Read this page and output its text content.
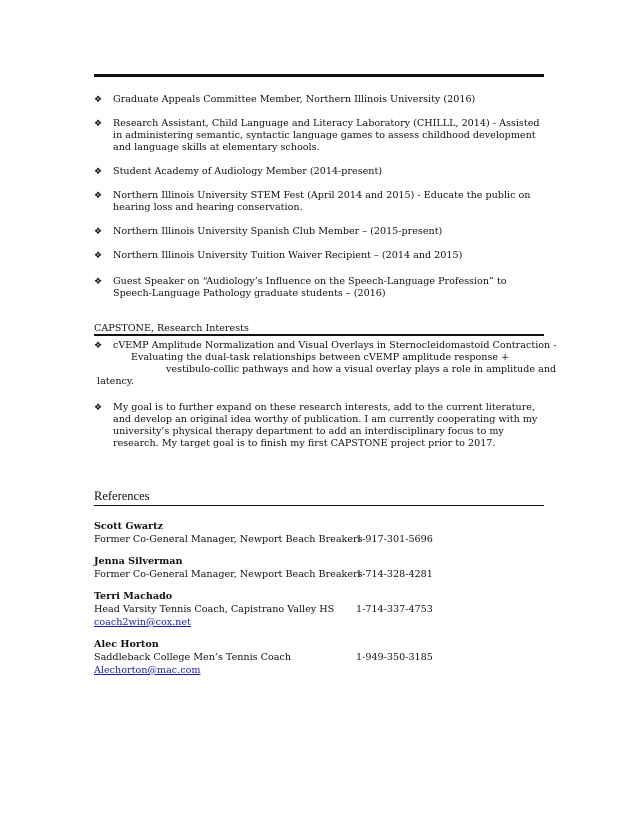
❖ Graduate Appeals Committee Member, Northern Illinois University (2016)
❖ Research Assistant, Child Language and Literacy Laboratory (CHILLL, 2014) - Assisted in administering semantic, syntactic language games to assess childhood development and language skills at elementary schools.
❖ Student Academy of Audiology Member (2014-present)
❖ Northern Illinois University STEM Fest (April 2014 and 2015) - Educate the public on hearing loss and hearing conservation.
❖ Northern Illinois University Spanish Club Member – (2015-present)
❖ Northern Illinois University Tuition Waiver Recipient – (2014 and 2015)
❖ Guest Speaker on “Audiology’s Influence on the Speech-Language Profession” to Speech-Language Pathology graduate students – (2016)
CAPSTONE, Research Interests
❖ cVEMP Amplitude Normalization and Visual Overlays in Sternocleidomastoid Contraction -
Evaluating the dual-task relationships between cVEMP amplitude response +
vestibulo-collic pathways and how a visual overlay plays a role in amplitude and
latency.
❖ My goal is to further expand on these research interests, add to the current literature, and develop an original idea worthy of publication. I am currently cooperating with my university’s physical therapy department to add an interdisciplinary focus to my research. My target goal is to finish my first CAPSTONE project prior to 2017.
References
Scott Gwartz
Former Co-General Manager, Newport Beach Breakers
1-917-301-5696
Jenna Silverman
Former Co-General Manager, Newport Beach Breakers
1-714-328-4281
Terri Machado
Head Varsity Tennis Coach, Capistrano Valley HS 1-714-337-4753
coach2win@cox.net
Alec Horton
Saddleback College Men’s Tennis Coach	1-949-350-3185
Alechorton@mac.com
